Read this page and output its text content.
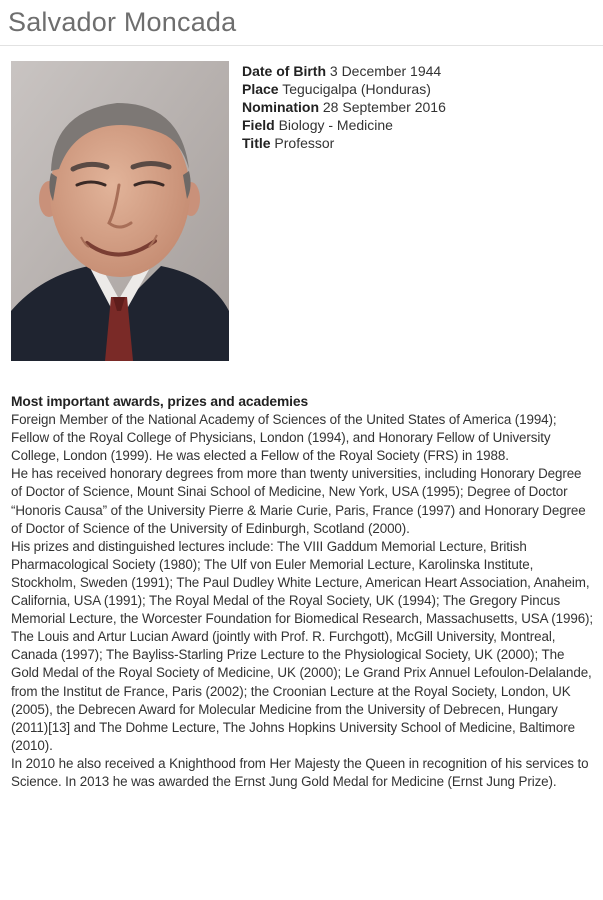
Salvador Moncada
Date of Birth 3 December 1944
Place Tegucigalpa (Honduras)
Nomination 28 September 2016
Field Biology - Medicine
Title Professor
Most important awards, prizes and academies

Foreign Member of the National Academy of Sciences of the United States of America (1994); Fellow of the Royal College of Physicians, London (1994), and Honorary Fellow of University College, London (1999). He was elected a Fellow of the Royal Society (FRS) in 1988.

He has received honorary degrees from more than twenty universities, including Honorary Degree of Doctor of Science, Mount Sinai School of Medicine, New York, USA (1995); Degree of Doctor “Honoris Causa” of the University Pierre & Marie Curie, Paris, France (1997) and Honorary Degree of Doctor of Science of the University of Edinburgh, Scotland (2000).

His prizes and distinguished lectures include: The VIII Gaddum Memorial Lecture, British Pharmacological Society (1980); The Ulf von Euler Memorial Lecture, Karolinska Institute, Stockholm, Sweden (1991); The Paul Dudley White Lecture, American Heart Association, Anaheim, California, USA (1991); The Royal Medal of the Royal Society, UK (1994); The Gregory Pincus Memorial Lecture, the Worcester Foundation for Biomedical Research, Massachusetts, USA (1996); The Louis and Artur Lucian Award (jointly with Prof. R. Furchgott), McGill University, Montreal, Canada (1997); The Bayliss-Starling Prize Lecture to the Physiological Society, UK (2000); The Gold Medal of the Royal Society of Medicine, UK (2000); Le Grand Prix Annuel Lefoulon-Delalande, from the Institut de France, Paris (2002); the Croonian Lecture at the Royal Society, London, UK (2005), the Debrecen Award for Molecular Medicine from the University of Debrecen, Hungary (2011)[13] and The Dohme Lecture, The Johns Hopkins University School of Medicine, Baltimore (2010).

In 2010 he also received a Knighthood from Her Majesty the Queen in recognition of his services to Science. In 2013 he was awarded the Ernst Jung Gold Medal for Medicine (Ernst Jung Prize).
